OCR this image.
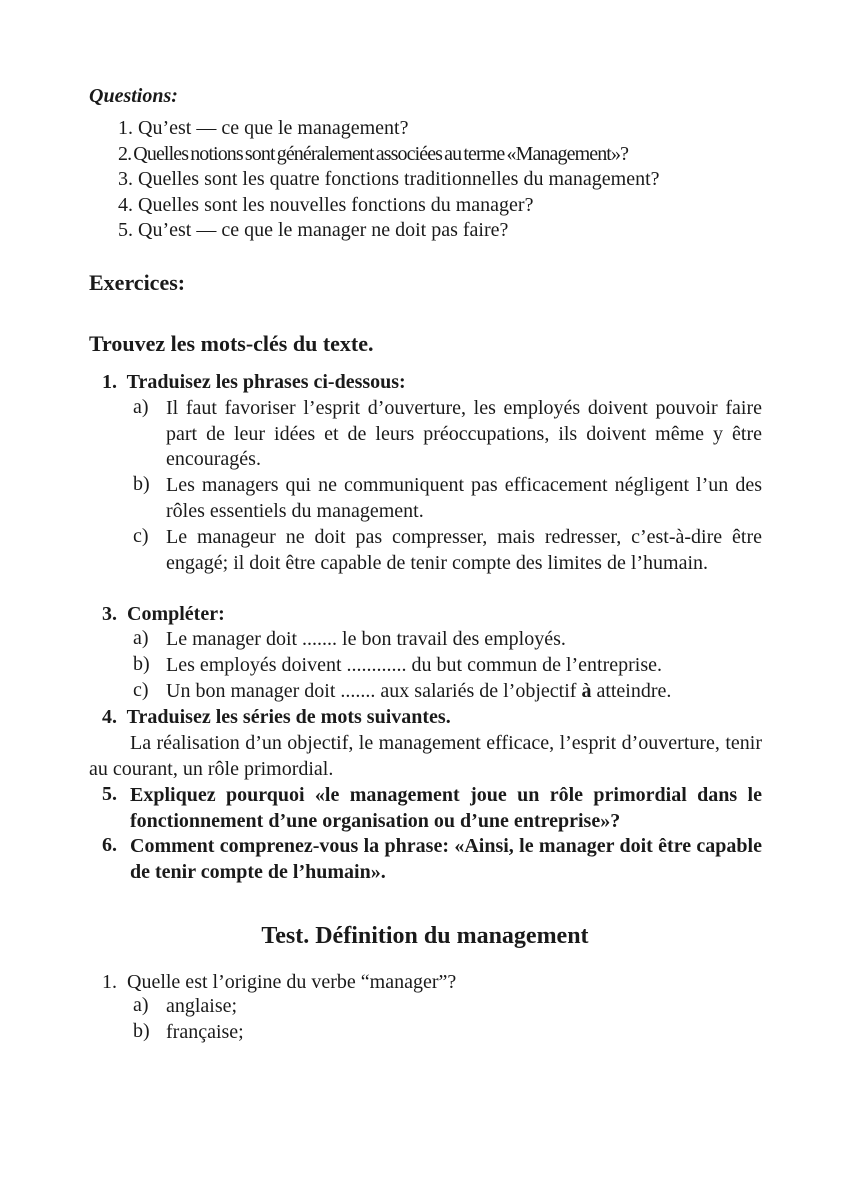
Questions:
1. Qu’est — ce que le management?
2. Quelles notions sont généralement associées au terme «Management»?
3. Quelles sont les quatre fonctions traditionnelles du management?
4. Quelles sont les nouvelles fonctions du manager?
5. Qu’est — ce que le manager ne doit pas faire?
Exercices:
Trouvez les mots-clés du texte.
1.  Traduisez les phrases ci-dessous:
a) Il faut favoriser l’esprit d’ouverture, les employés doivent pouvoir faire part de leur idées et de leurs préoccupations, ils doivent même y être encouragés.
b) Les managers qui ne communiquent pas efficacement négligent l’un des rôles essentiels du management.
c) Le manageur ne doit pas compresser, mais redresser, c’est-à-dire être engagé; il doit être capable de tenir compte des limites de l’humain.
3.  Compléter:
a) Le manager doit ....... le bon travail des employés.
b) Les employés doivent ............ du but commun de l’entreprise.
c) Un bon manager doit ....... aux salariés de l’objectif à atteindre.
4.  Traduisez les séries de mots suivantes.
La réalisation d’un objectif, le management efficace, l’esprit d’ouverture, tenir au courant, un rôle primordial.
5. Expliquez pourquoi «le management joue un rôle primordial dans le fonctionnement d’une organisation ou d’une entreprise»?
6. Comment comprenez-vous la phrase: «Ainsi, le manager doit être capable de tenir compte de l’humain».
Test. Définition du management
1.  Quelle est l’origine du verbe “manager”?
a) anglaise;
b) française;
